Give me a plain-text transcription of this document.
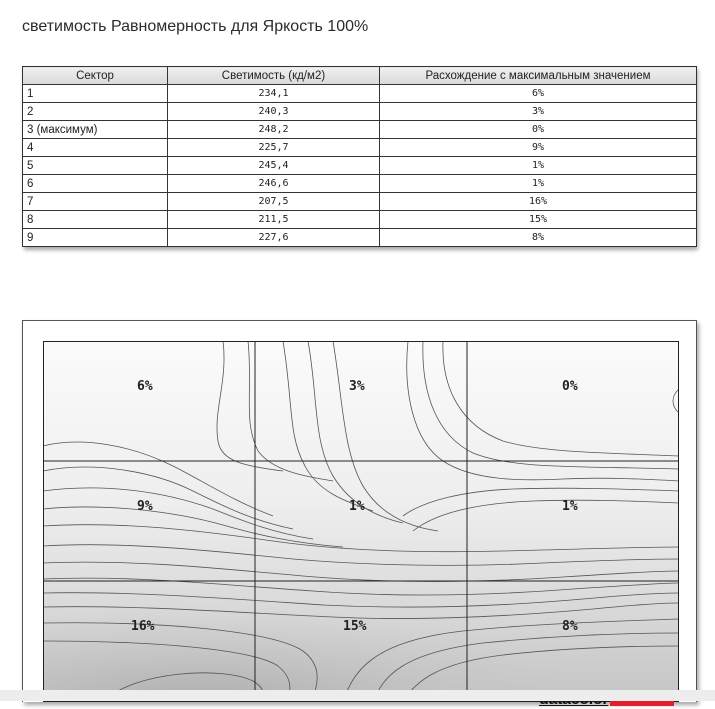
светимость Равномерность для Яркость 100%
Сектор	Светимость (кд/м2)	Расхождение с максимальным значением
1	234,1	6%
2	240,3	3%
3 (максимум)	248,2	0%
4	225,7	9%
5	245,4	1%
6	246,6	1%
7	207,5	16%
8	211,5	15%
9	227,6	8%
6%	3%	0%
9%	1%	1%
16%	15%	8%
